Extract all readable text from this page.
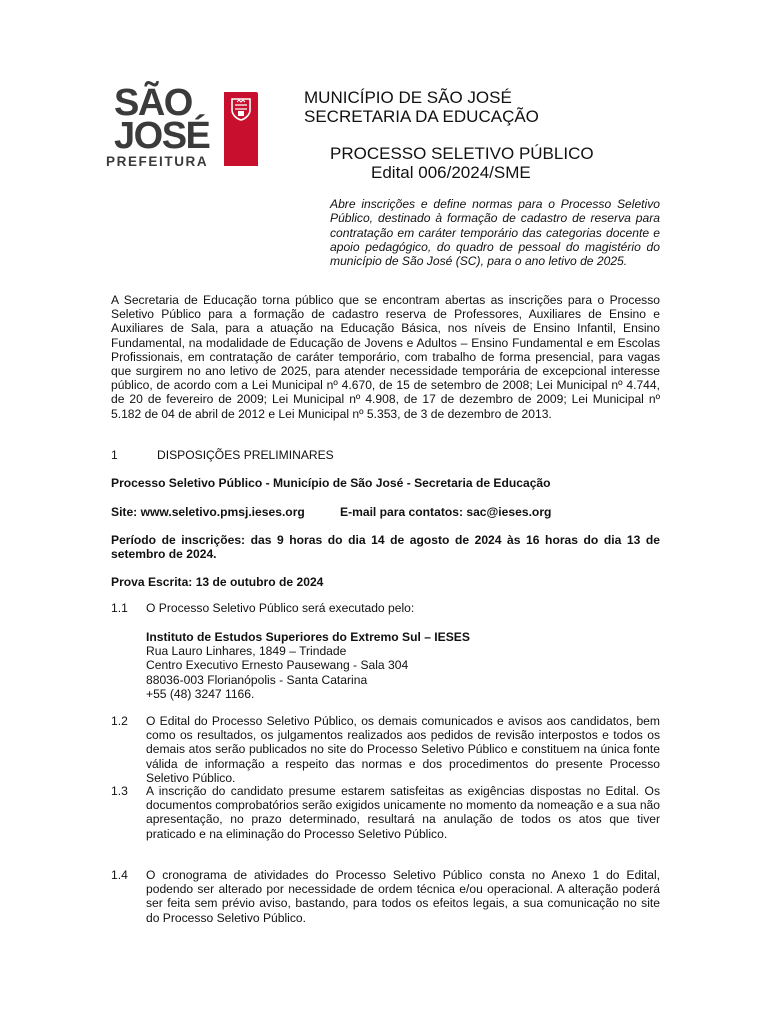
SÃO
JOSÉ
PREFEITURA
MUNICÍPIO DE SÃO JOSÉ
SECRETARIA DA EDUCAÇÃO
PROCESSO SELETIVO PÚBLICO
Edital 006/2024/SME
Abre inscrições e define normas para o Processo Seletivo Público, destinado à formação de cadastro de reserva para contratação em caráter temporário das categorias docente e apoio pedagógico, do quadro de pessoal do magistério do município de São José (SC), para o ano letivo de 2025.
A Secretaria de Educação torna público que se encontram abertas as inscrições para o Processo Seletivo Público para a formação de cadastro reserva de Professores, Auxiliares de Ensino e Auxiliares de Sala, para a atuação na Educação Básica, nos níveis de Ensino Infantil, Ensino Fundamental, na modalidade de Educação de Jovens e Adultos – Ensino Fundamental e em Escolas Profissionais, em contratação de caráter temporário, com trabalho de forma presencial, para vagas que surgirem no ano letivo de 2025, para atender necessidade temporária de excepcional interesse público, de acordo com a Lei Municipal nº 4.670, de 15 de setembro de 2008; Lei Municipal nº 4.744, de 20 de fevereiro de 2009; Lei Municipal nº 4.908, de 17 de dezembro de 2009; Lei Municipal nº 5.182 de 04 de abril de 2012 e Lei Municipal nº 5.353, de 3 de dezembro de 2013.
1	DISPOSIÇÕES PRELIMINARES
Processo Seletivo Público - Município de São José - Secretaria de Educação
Site: www.seletivo.pmsj.ieses.org	E-mail para contatos: sac@ieses.org
Período de inscrições: das 9 horas do dia 14 de agosto de 2024 às 16 horas do dia 13 de setembro de 2024.
Prova Escrita: 13 de outubro de 2024
1.1 O Processo Seletivo Público será executado pelo:
Instituto de Estudos Superiores do Extremo Sul – IESES
Rua Lauro Linhares, 1849 – Trindade
Centro Executivo Ernesto Pausewang - Sala 304
88036-003 Florianópolis - Santa Catarina
+55 (48) 3247 1166.
1.2 O Edital do Processo Seletivo Público, os demais comunicados e avisos aos candidatos, bem como os resultados, os julgamentos realizados aos pedidos de revisão interpostos e todos os demais atos serão publicados no site do Processo Seletivo Público e constituem na única fonte válida de informação a respeito das normas e dos procedimentos do presente Processo Seletivo Público.
1.3 A inscrição do candidato presume estarem satisfeitas as exigências dispostas no Edital. Os documentos comprobatórios serão exigidos unicamente no momento da nomeação e a sua não apresentação, no prazo determinado, resultará na anulação de todos os atos que tiver praticado e na eliminação do Processo Seletivo Público.
1.4 O cronograma de atividades do Processo Seletivo Público consta no Anexo 1 do Edital, podendo ser alterado por necessidade de ordem técnica e/ou operacional. A alteração poderá ser feita sem prévio aviso, bastando, para todos os efeitos legais, a sua comunicação no site do Processo Seletivo Público.
